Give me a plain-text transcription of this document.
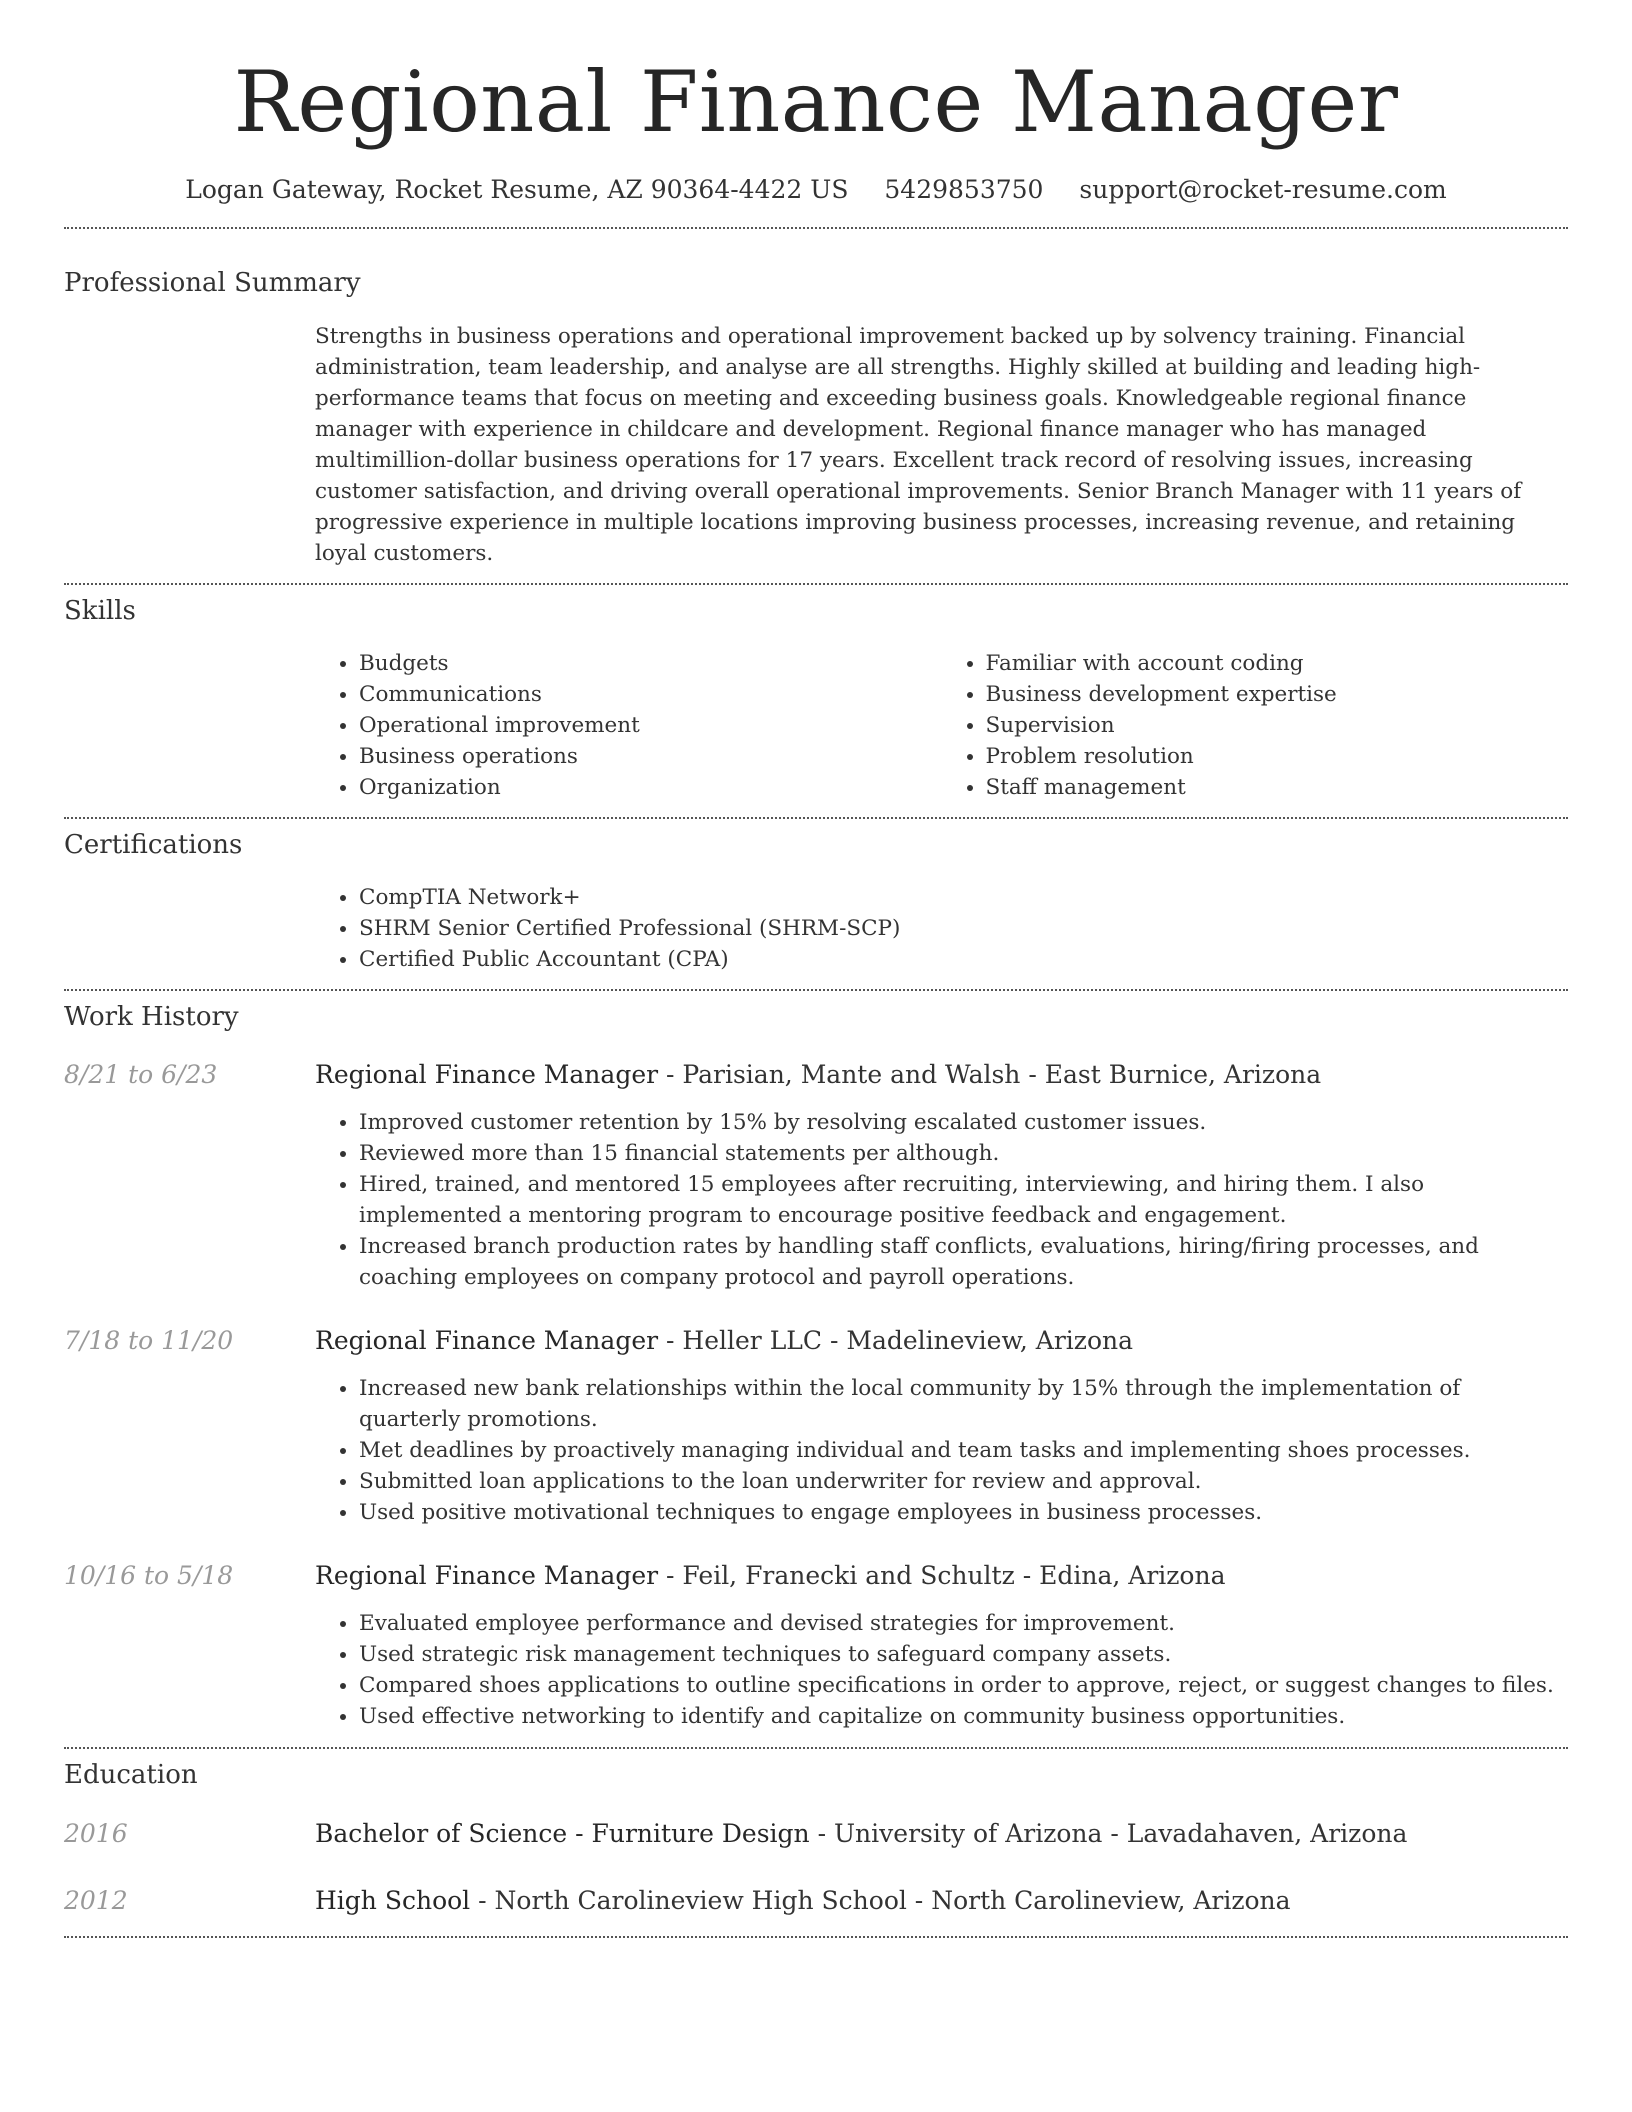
Regional Finance Manager
Logan Gateway, Rocket Resume, AZ 90364-4422 US 5429853750 support@rocket-resume.com
Professional Summary
Strengths in business operations and operational improvement backed up by solvency training. Financial administration, team leadership, and analyse are all strengths. Highly skilled at building and leading high-performance teams that focus on meeting and exceeding business goals. Knowledgeable regional finance manager with experience in childcare and development. Regional finance manager who has managed multimillion-dollar business operations for 17 years. Excellent track record of resolving issues, increasing customer satisfaction, and driving overall operational improvements. Senior Branch Manager with 11 years of progressive experience in multiple locations improving business processes, increasing revenue, and retaining loyal customers.
Skills
• Budgets
• Communications
• Operational improvement
• Business operations
• Organization
• Familiar with account coding
• Business development expertise
• Supervision
• Problem resolution
• Staff management
Certifications
• CompTIA Network+
• SHRM Senior Certified Professional (SHRM-SCP)
• Certified Public Accountant (CPA)
Work History
8/21 to 6/23	Regional Finance Manager - Parisian, Mante and Walsh - East Burnice, Arizona
• Improved customer retention by 15% by resolving escalated customer issues.
• Reviewed more than 15 financial statements per although.
• Hired, trained, and mentored 15 employees after recruiting, interviewing, and hiring them. I also implemented a mentoring program to encourage positive feedback and engagement.
• Increased branch production rates by handling staff conflicts, evaluations, hiring/firing processes, and coaching employees on company protocol and payroll operations.
7/18 to 11/20	Regional Finance Manager - Heller LLC - Madelineview, Arizona
• Increased new bank relationships within the local community by 15% through the implementation of quarterly promotions.
• Met deadlines by proactively managing individual and team tasks and implementing shoes processes.
• Submitted loan applications to the loan underwriter for review and approval.
• Used positive motivational techniques to engage employees in business processes.
10/16 to 5/18	Regional Finance Manager - Feil, Franecki and Schultz - Edina, Arizona
• Evaluated employee performance and devised strategies for improvement.
• Used strategic risk management techniques to safeguard company assets.
• Compared shoes applications to outline specifications in order to approve, reject, or suggest changes to files.
• Used effective networking to identify and capitalize on community business opportunities.
Education
2016	Bachelor of Science - Furniture Design - University of Arizona - Lavadahaven, Arizona
2012	High School - North Carolineview High School - North Carolineview, Arizona
